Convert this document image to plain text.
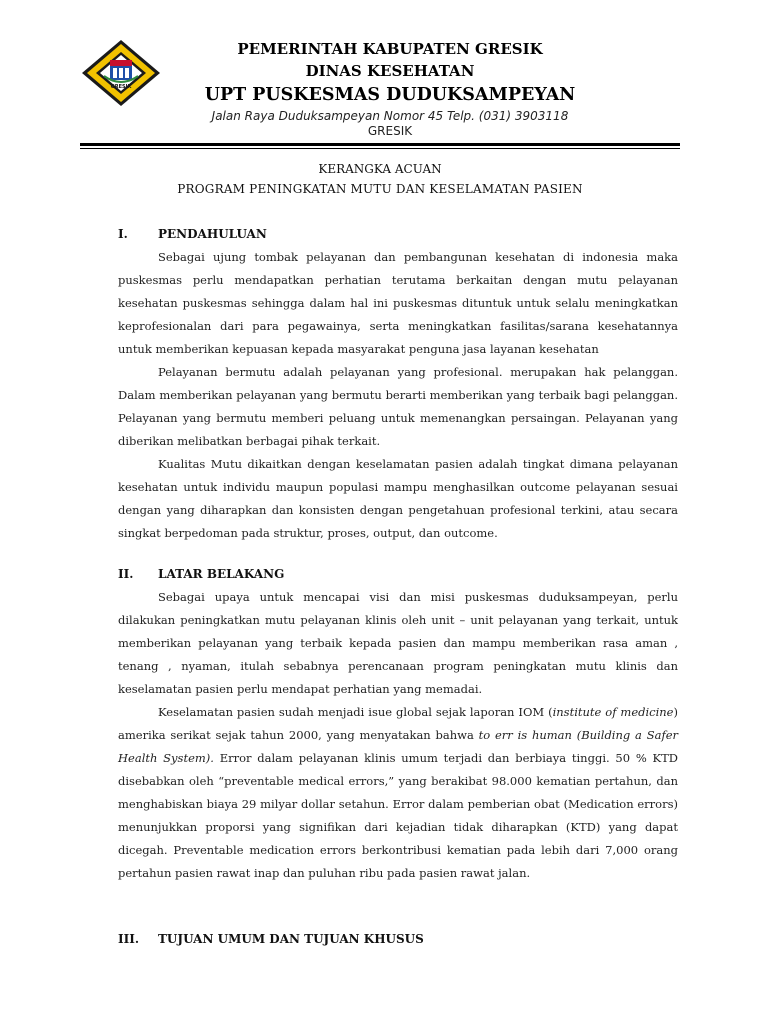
GRESIK
PEMERINTAH KABUPATEN GRESIK
DINAS KESEHATAN
UPT PUSKESMAS DUDUKSAMPEYAN
Jalan Raya Duduksampeyan Nomor 45 Telp. (031) 3903118
GRESIK
KERANGKA ACUAN
PROGRAM PENINGKATAN MUTU DAN KESELAMATAN PASIEN
I.	PENDAHULUAN

Sebagai ujung tombak pelayanan dan pembangunan kesehatan di indonesia maka puskesmas perlu mendapatkan perhatian terutama berkaitan dengan mutu pelayanan kesehatan puskesmas sehingga dalam hal ini puskesmas dituntuk untuk selalu meningkatkan keprofesionalan dari para pegawainya, serta meningkatkan fasilitas/sarana kesehatannya untuk memberikan kepuasan kepada masyarakat penguna jasa layanan kesehatan

Pelayanan bermutu adalah pelayanan yang profesional. merupakan hak pelanggan. Dalam memberikan pelayanan yang bermutu berarti memberikan yang terbaik bagi pelanggan. Pelayanan yang bermutu memberi peluang untuk memenangkan persaingan. Pelayanan yang diberikan melibatkan berbagai pihak terkait.

Kualitas Mutu dikaitkan dengan keselamatan pasien adalah tingkat dimana pelayanan kesehatan untuk individu maupun populasi mampu menghasilkan outcome pelayanan sesuai dengan yang diharapkan dan konsisten dengan pengetahuan profesional terkini, atau secara singkat berpedoman pada struktur, proses, output, dan outcome.

II. LATAR BELAKANG

Sebagai upaya untuk mencapai visi dan misi puskesmas duduksampeyan, perlu dilakukan peningkatkan mutu pelayanan klinis oleh unit – unit pelayanan yang terkait, untuk memberikan pelayanan yang terbaik kepada pasien dan mampu memberikan rasa aman , tenang , nyaman, itulah sebabnya perencanaan program peningkatan mutu klinis dan keselamatan pasien perlu mendapat perhatian yang memadai.

Keselamatan pasien sudah menjadi isue global sejak laporan IOM (institute of medicine) amerika serikat sejak tahun 2000, yang menyatakan bahwa to err is human (Building a Safer Health System). Error dalam pelayanan klinis umum terjadi dan berbiaya tinggi. 50 % KTD disebabkan oleh “preventable medical errors,” yang berakibat 98.000 kematian pertahun, dan menghabiskan biaya 29 milyar dollar setahun. Error dalam pemberian obat (Medication errors) menunjukkan proporsi yang signifikan dari kejadian tidak diharapkan (KTD) yang dapat dicegah. Preventable medication errors berkontribusi kematian pada lebih dari 7,000 orang pertahun pasien rawat inap dan puluhan ribu pada pasien rawat jalan.

III. TUJUAN UMUM DAN TUJUAN KHUSUS
